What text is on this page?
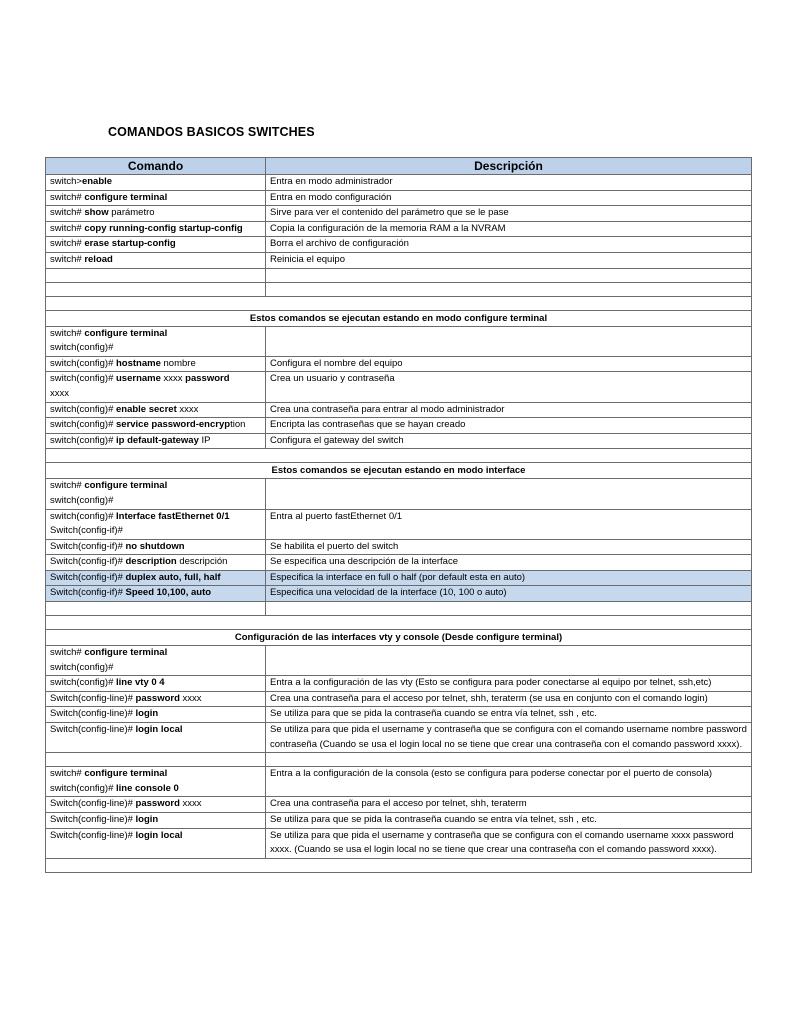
COMANDOS BASICOS SWITCHES
Comando	Descripción
switch>enable	Entra en modo administrador
switch# configure terminal	Entra en modo configuración
switch# show parámetro	Sirve para ver el contenido del parámetro que se le pase
switch# copy running-config startup-config	Copia la configuración de la memoria RAM a la NVRAM
switch# erase startup-config	Borra el archivo de configuración
switch# reload	Reinicia el equipo

Estos comandos se ejecutan estando en modo configure terminal	
switch# configure terminal
switch(config)#	
switch(config)# hostname nombre	Configura el nombre del equipo
switch(config)# username xxxx password
xxxx	Crea un usuario y contraseña
switch(config)# enable secret xxxx	Crea una contraseña para entrar al modo administrador
switch(config)# service password-encryption	Encripta las contraseñas que se hayan creado
switch(config)# ip default-gateway IP	Configura el gateway del switch

Estos comandos se ejecutan estando en modo interface	
switch# configure terminal
switch(config)#	
switch(config)# Interface fastEthernet 0/1
Switch(config-if)#	Entra al puerto fastEthernet 0/1
Switch(config-if)# no shutdown	Se habilita el puerto del switch
Switch(config-if)# description descripción	Se especifica una descripción de la interface
Switch(config-if)# duplex auto, full, half	Especifica la interface en full o half (por default esta en auto)
Switch(config-if)# Speed 10,100, auto	Especifica una velocidad de la interface (10, 100 o auto)

Configuración de las interfaces vty y console (Desde configure terminal)	
switch# configure terminal
switch(config)#	
switch(config)# line vty 0 4	Entra a la configuración de las vty (Esto se configura para poder conectarse al equipo por telnet, ssh,etc)
Switch(config-line)# password xxxx	Crea una contraseña para el acceso por telnet, shh, teraterm (se usa en conjunto con el comando login)
Switch(config-line)# login	Se utiliza para que se pida la contraseña cuando se entra vía telnet, ssh , etc.
Switch(config-line)# login local	Se utiliza para que pida el username y contraseña que se configura con el comando username nombre password contraseña (Cuando se usa el login local no se tiene que crear una contraseña con el comando password xxxx).

switch# configure terminal
switch(config)# line console 0	Entra a la configuración de la consola (esto se configura para poderse conectar por el puerto de consola)
Switch(config-line)# password xxxx	Crea una contraseña para el acceso por telnet, shh, teraterm
Switch(config-line)# login	Se utiliza para que se pida la contraseña cuando se entra vía telnet, ssh , etc.
Switch(config-line)# login local	Se utiliza para que pida el username y contraseña que se configura con el comando username xxxx password xxxx. (Cuando se usa el login local no se tiene que crear una contraseña con el comando password xxxx).
